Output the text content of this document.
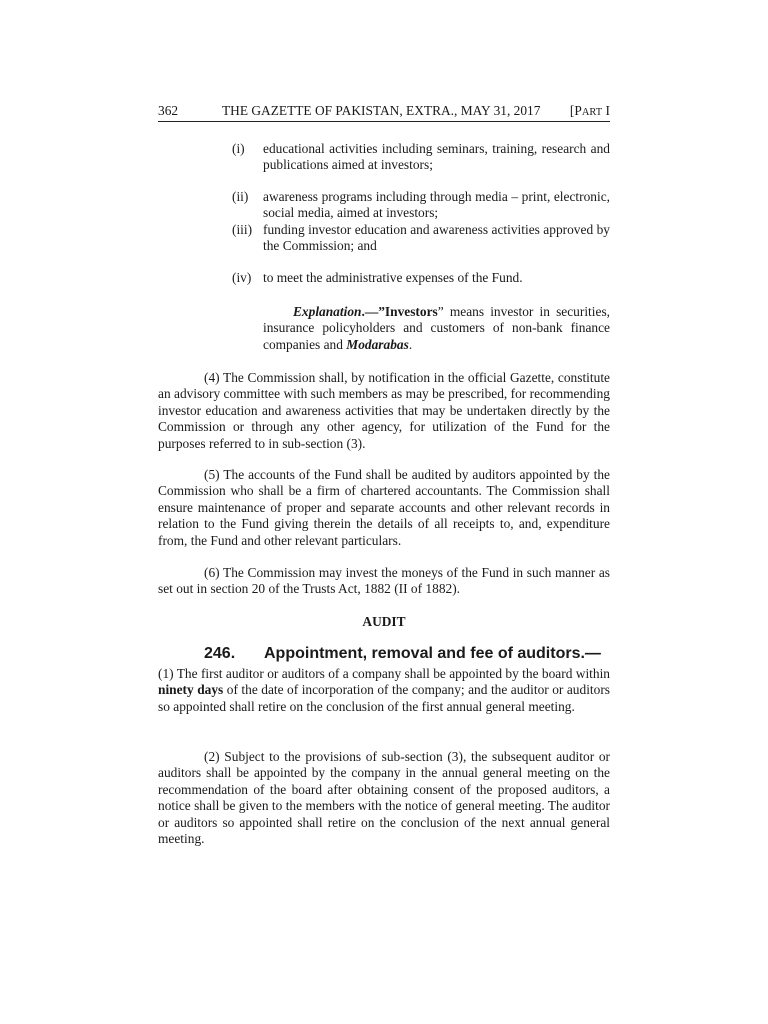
362	THE GAZETTE OF PAKISTAN, EXTRA., MAY 31, 2017 [PART I
(i) educational activities including seminars, training, research and publications aimed at investors;
(ii) awareness programs including through media – print, electronic, social media, aimed at investors;
(iii) funding investor education and awareness activities approved by the Commission; and
(iv) to meet the administrative expenses of the Fund.
Explanation.—”Investors” means investor in securities, insurance policyholders and customers of non-bank finance companies and Modarabas.
(4) The Commission shall, by notification in the official Gazette, constitute an advisory committee with such members as may be prescribed, for recommending investor education and awareness activities that may be undertaken directly by the Commission or through any other agency, for utilization of the Fund for the purposes referred to in sub-section (3).
(5) The accounts of the Fund shall be audited by auditors appointed by the Commission who shall be a firm of chartered accountants. The Commission shall ensure maintenance of proper and separate accounts and other relevant records in relation to the Fund giving therein the details of all receipts to, and, expenditure from, the Fund and other relevant particulars.
(6) The Commission may invest the moneys of the Fund in such manner as set out in section 20 of the Trusts Act, 1882 (II of 1882).
AUDIT
246. Appointment, removal and fee of auditors.—
(1) The first auditor or auditors of a company shall be appointed by the board within ninety days of the date of incorporation of the company; and the auditor or auditors so appointed shall retire on the conclusion of the first annual general meeting.
(2) Subject to the provisions of sub-section (3), the subsequent auditor or auditors shall be appointed by the company in the annual general meeting on the recommendation of the board after obtaining consent of the proposed auditors, a notice shall be given to the members with the notice of general meeting. The auditor or auditors so appointed shall retire on the conclusion of the next annual general meeting.
